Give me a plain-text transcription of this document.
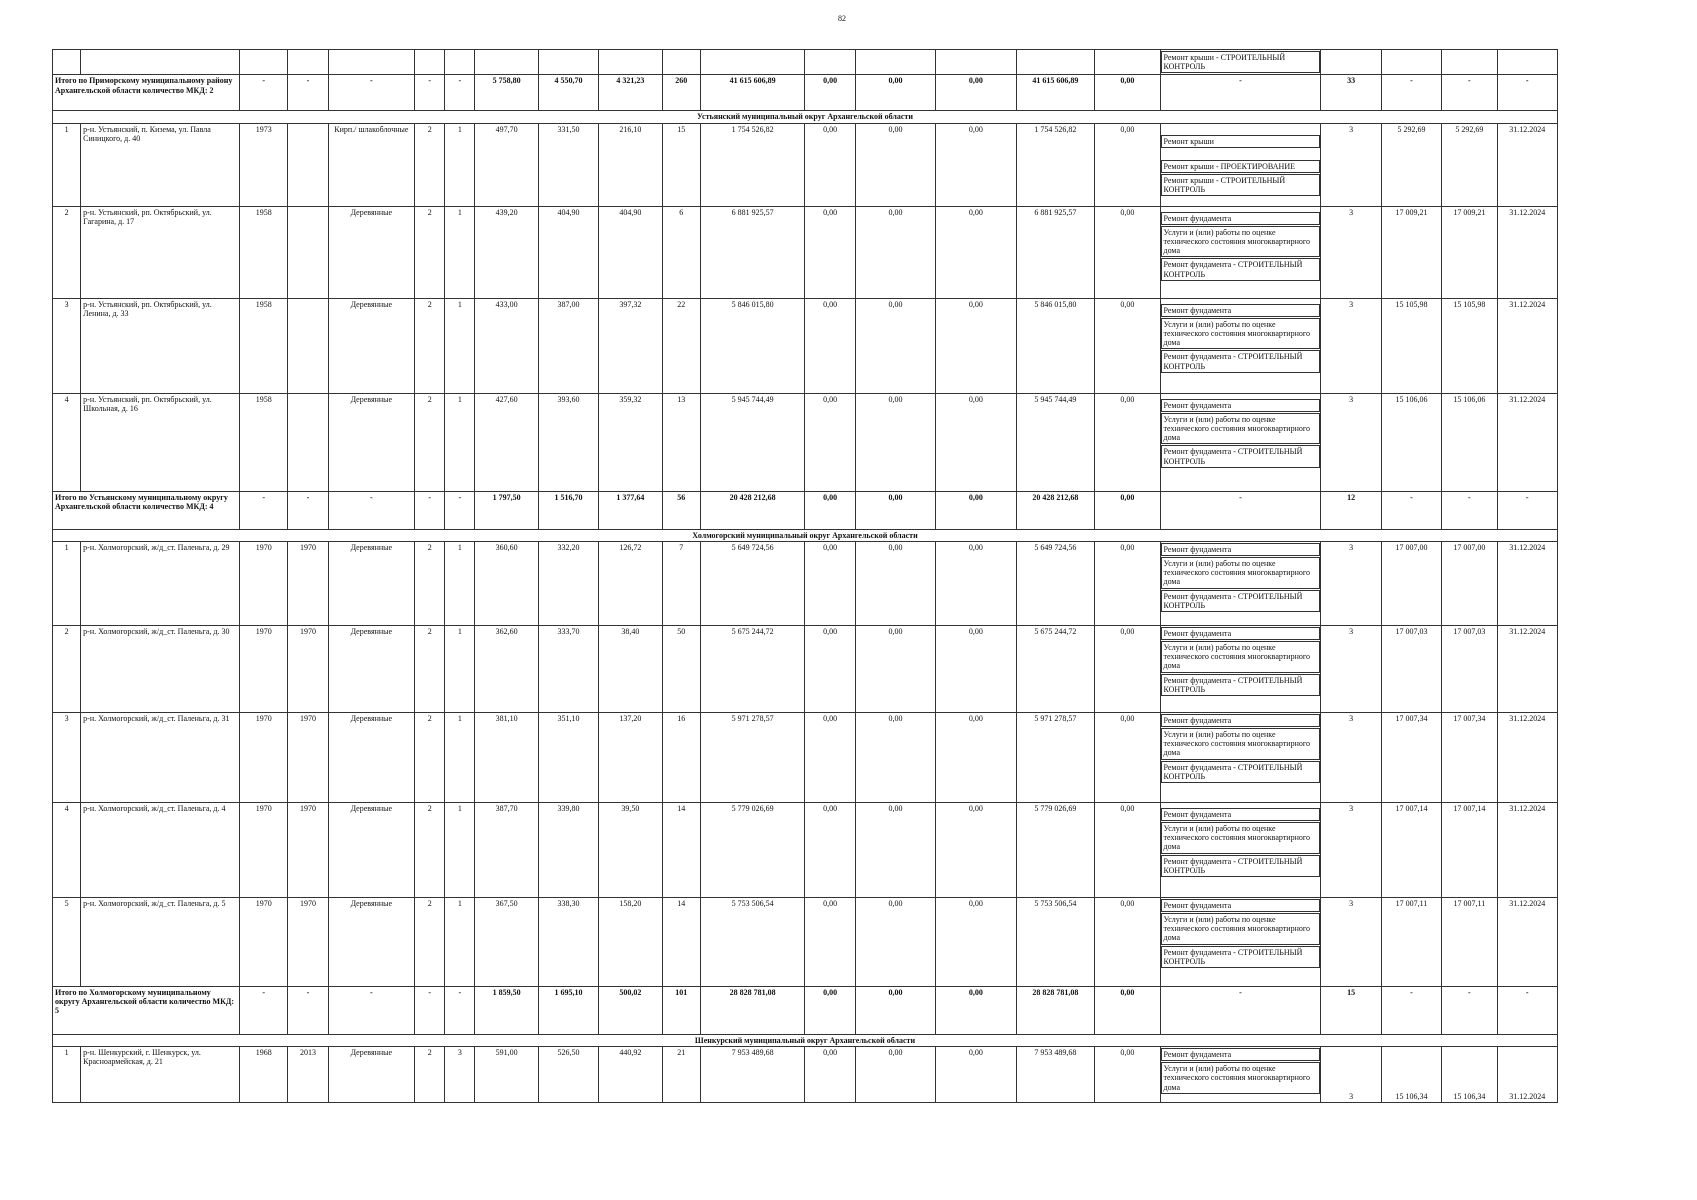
82

																	Ремонт крыши - СТРОИТЕЛЬНЫЙ КОНТРОЛЬ				

Итого по Приморскому муниципальному району Архангельской области количество МКД: 2		-	-	-	-	-	5 758,80	4 550,70	4 321,23	260	41 615 606,89	0,00	0,00	0,00	41 615 606,89	0,00	-	33	-	-	-
Устьянский муниципальный округ Архангельской области																					
1	р-н. Устьянский, п. Кизема, ул. Павла Синицкого, д. 40	1973		Кирп./ шлакоблочные	2	1	497,70	331,50	216,10	15	1 754 526,82	0,00	0,00	0,00	1 754 526,82	0,00	Ремонт крыши
Ремонт крыши - ПРОЕКТИРОВАНИЕ
Ремонт крыши - СТРОИТЕЛЬНЫЙ КОНТРОЛЬ	3	5 292,69	5 292,69	31.12.2024
2	р-н. Устьянский, рп. Октябрьский, ул. Гагарина, д. 17	1958		Деревянные	2	1	439,20	404,90	404,90	6	6 881 925,57	0,00	0,00	0,00	6 881 925,57	0,00	Ремонт фундамента
Услуги и (или) работы по оценке технического состояния многоквартирного дома
Ремонт фундамента - СТРОИТЕЛЬНЫЙ КОНТРОЛЬ	3	17 009,21	17 009,21	31.12.2024
3	р-н. Устьянский, рп. Октябрьский, ул. Ленина, д. 33	1958		Деревянные	2	1	433,00	387,00	397,32	22	5 846 015,80	0,00	0,00	0,00	5 846 015,80	0,00	Ремонт фундамента
Услуги и (или) работы по оценке технического состояния многоквартирного дома
Ремонт фундамента - СТРОИТЕЛЬНЫЙ КОНТРОЛЬ	3	15 105,98	15 105,98	31.12.2024
4	р-н. Устьянский, рп. Октябрьский, ул. Школьная, д. 16	1958		Деревянные	2	1	427,60	393,60	359,32	13	5 945 744,49	0,00	0,00	0,00	5 945 744,49	0,00	Ремонт фундамента
Услуги и (или) работы по оценке технического состояния многоквартирного дома
Ремонт фундамента - СТРОИТЕЛЬНЫЙ КОНТРОЛЬ	3	15 106,06	15 106,06	31.12.2024
Итого по Устьянскому муниципальному округу Архангельской области количество МКД: 4		-	-	-	-	-	1 797,50	1 516,70	1 377,64	56	20 428 212,68	0,00	0,00	0,00	20 428 212,68	0,00	-	12	-	-	-
Холмогорский муниципальный округ Архангельской области																					
1	р-н. Холмогорский, ж/д_ст. Паленьга, д. 29	1970	1970	Деревянные	2	1	360,60	332,20	126,72	7	5 649 724,56	0,00	0,00	0,00	5 649 724,56	0,00	Ремонт фундамента
Услуги и (или) работы по оценке технического состояния многоквартирного дома
Ремонт фундамента - СТРОИТЕЛЬНЫЙ КОНТРОЛЬ	3	17 007,00	17 007,00	31.12.2024
2	р-н. Холмогорский, ж/д_ст. Паленьга, д. 30	1970	1970	Деревянные	2	1	362,60	333,70	38,40	50	5 675 244,72	0,00	0,00	0,00	5 675 244,72	0,00	Ремонт фундамента
Услуги и (или) работы по оценке технического состояния многоквартирного дома
Ремонт фундамента - СТРОИТЕЛЬНЫЙ КОНТРОЛЬ	3	17 007,03	17 007,03	31.12.2024
3	р-н. Холмогорский, ж/д_ст. Паленьга, д. 31	1970	1970	Деревянные	2	1	381,10	351,10	137,20	16	5 971 278,57	0,00	0,00	0,00	5 971 278,57	0,00	Ремонт фундамента
Услуги и (или) работы по оценке технического состояния многоквартирного дома
Ремонт фундамента - СТРОИТЕЛЬНЫЙ КОНТРОЛЬ	3	17 007,34	17 007,34	31.12.2024
4	р-н. Холмогорский, ж/д_ст. Паленьга, д. 4	1970	1970	Деревянные	2	1	387,70	339,80	39,50	14	5 779 026,69	0,00	0,00	0,00	5 779 026,69	0,00	Ремонт фундамента
Услуги и (или) работы по оценке технического состояния многоквартирного дома
Ремонт фундамента - СТРОИТЕЛЬНЫЙ КОНТРОЛЬ	3	17 007,14	17 007,14	31.12.2024
5	р-н. Холмогорский, ж/д_ст. Паленьга, д. 5	1970	1970	Деревянные	2	1	367,50	338,30	158,20	14	5 753 506,54	0,00	0,00	0,00	5 753 506,54	0,00	Ремонт фундамента
Услуги и (или) работы по оценке технического состояния многоквартирного дома
Ремонт фундамента - СТРОИТЕЛЬНЫЙ КОНТРОЛЬ	3	17 007,11	17 007,11	31.12.2024
Итого по Холмогорскому муниципальному округу Архангельской области количество МКД: 5		-	-	-	-	-	1 859,50	1 695,10	500,02	101	28 828 781,08	0,00	0,00	0,00	28 828 781,08	0,00	-	15	-	-	-
Шенкурский муниципальный округ Архангельской области																					
1	р-н. Шенкурский, г. Шенкурск, ул. Красноармейская, д. 21	1968	2013	Деревянные	2	3	591,00	526,50	440,92	21	7 953 489,68	0,00	0,00	0,00	7 953 489,68	0,00	Ремонт фундамента
Услуги и (или) работы по оценке технического состояния многоквартирного дома	3	15 106,34	15 106,34	31.12.2024
